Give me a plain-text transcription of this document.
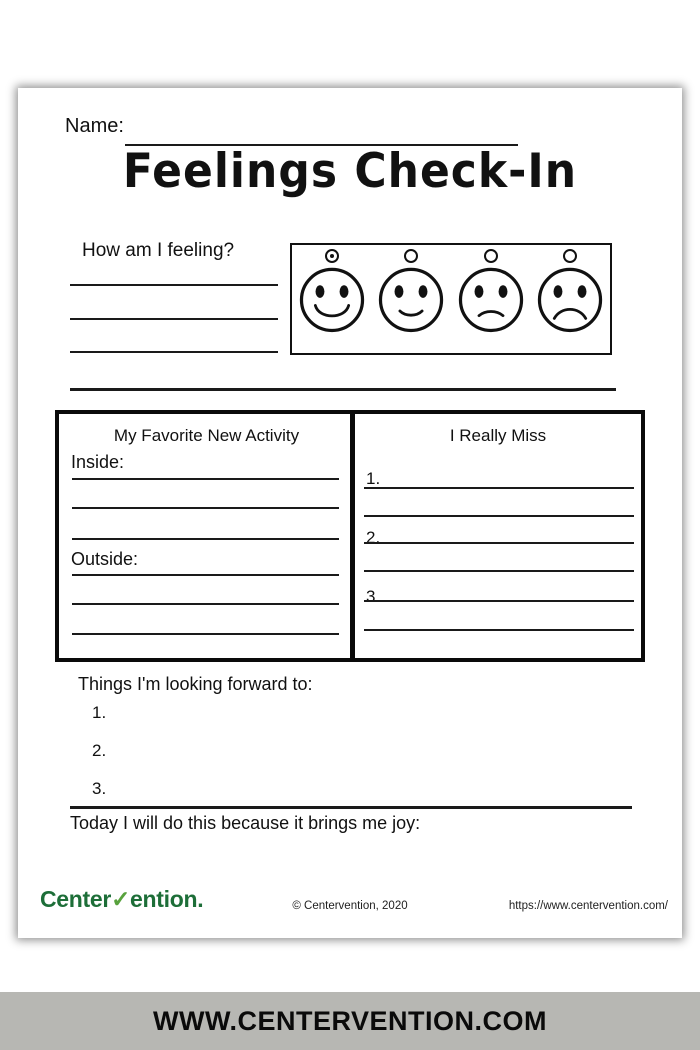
Name:
Feelings Check-In
How am I feeling?
My Favorite New Activity
Inside:
Outside:
I Really Miss
1.
2.
3.
Things I'm looking forward to:
1.
2.
3.
Today I will do this because it brings me joy:
Center✓ention.	© Centervention, 2020	https://www.centervention.com/
WWW.CENTERVENTION.COM
